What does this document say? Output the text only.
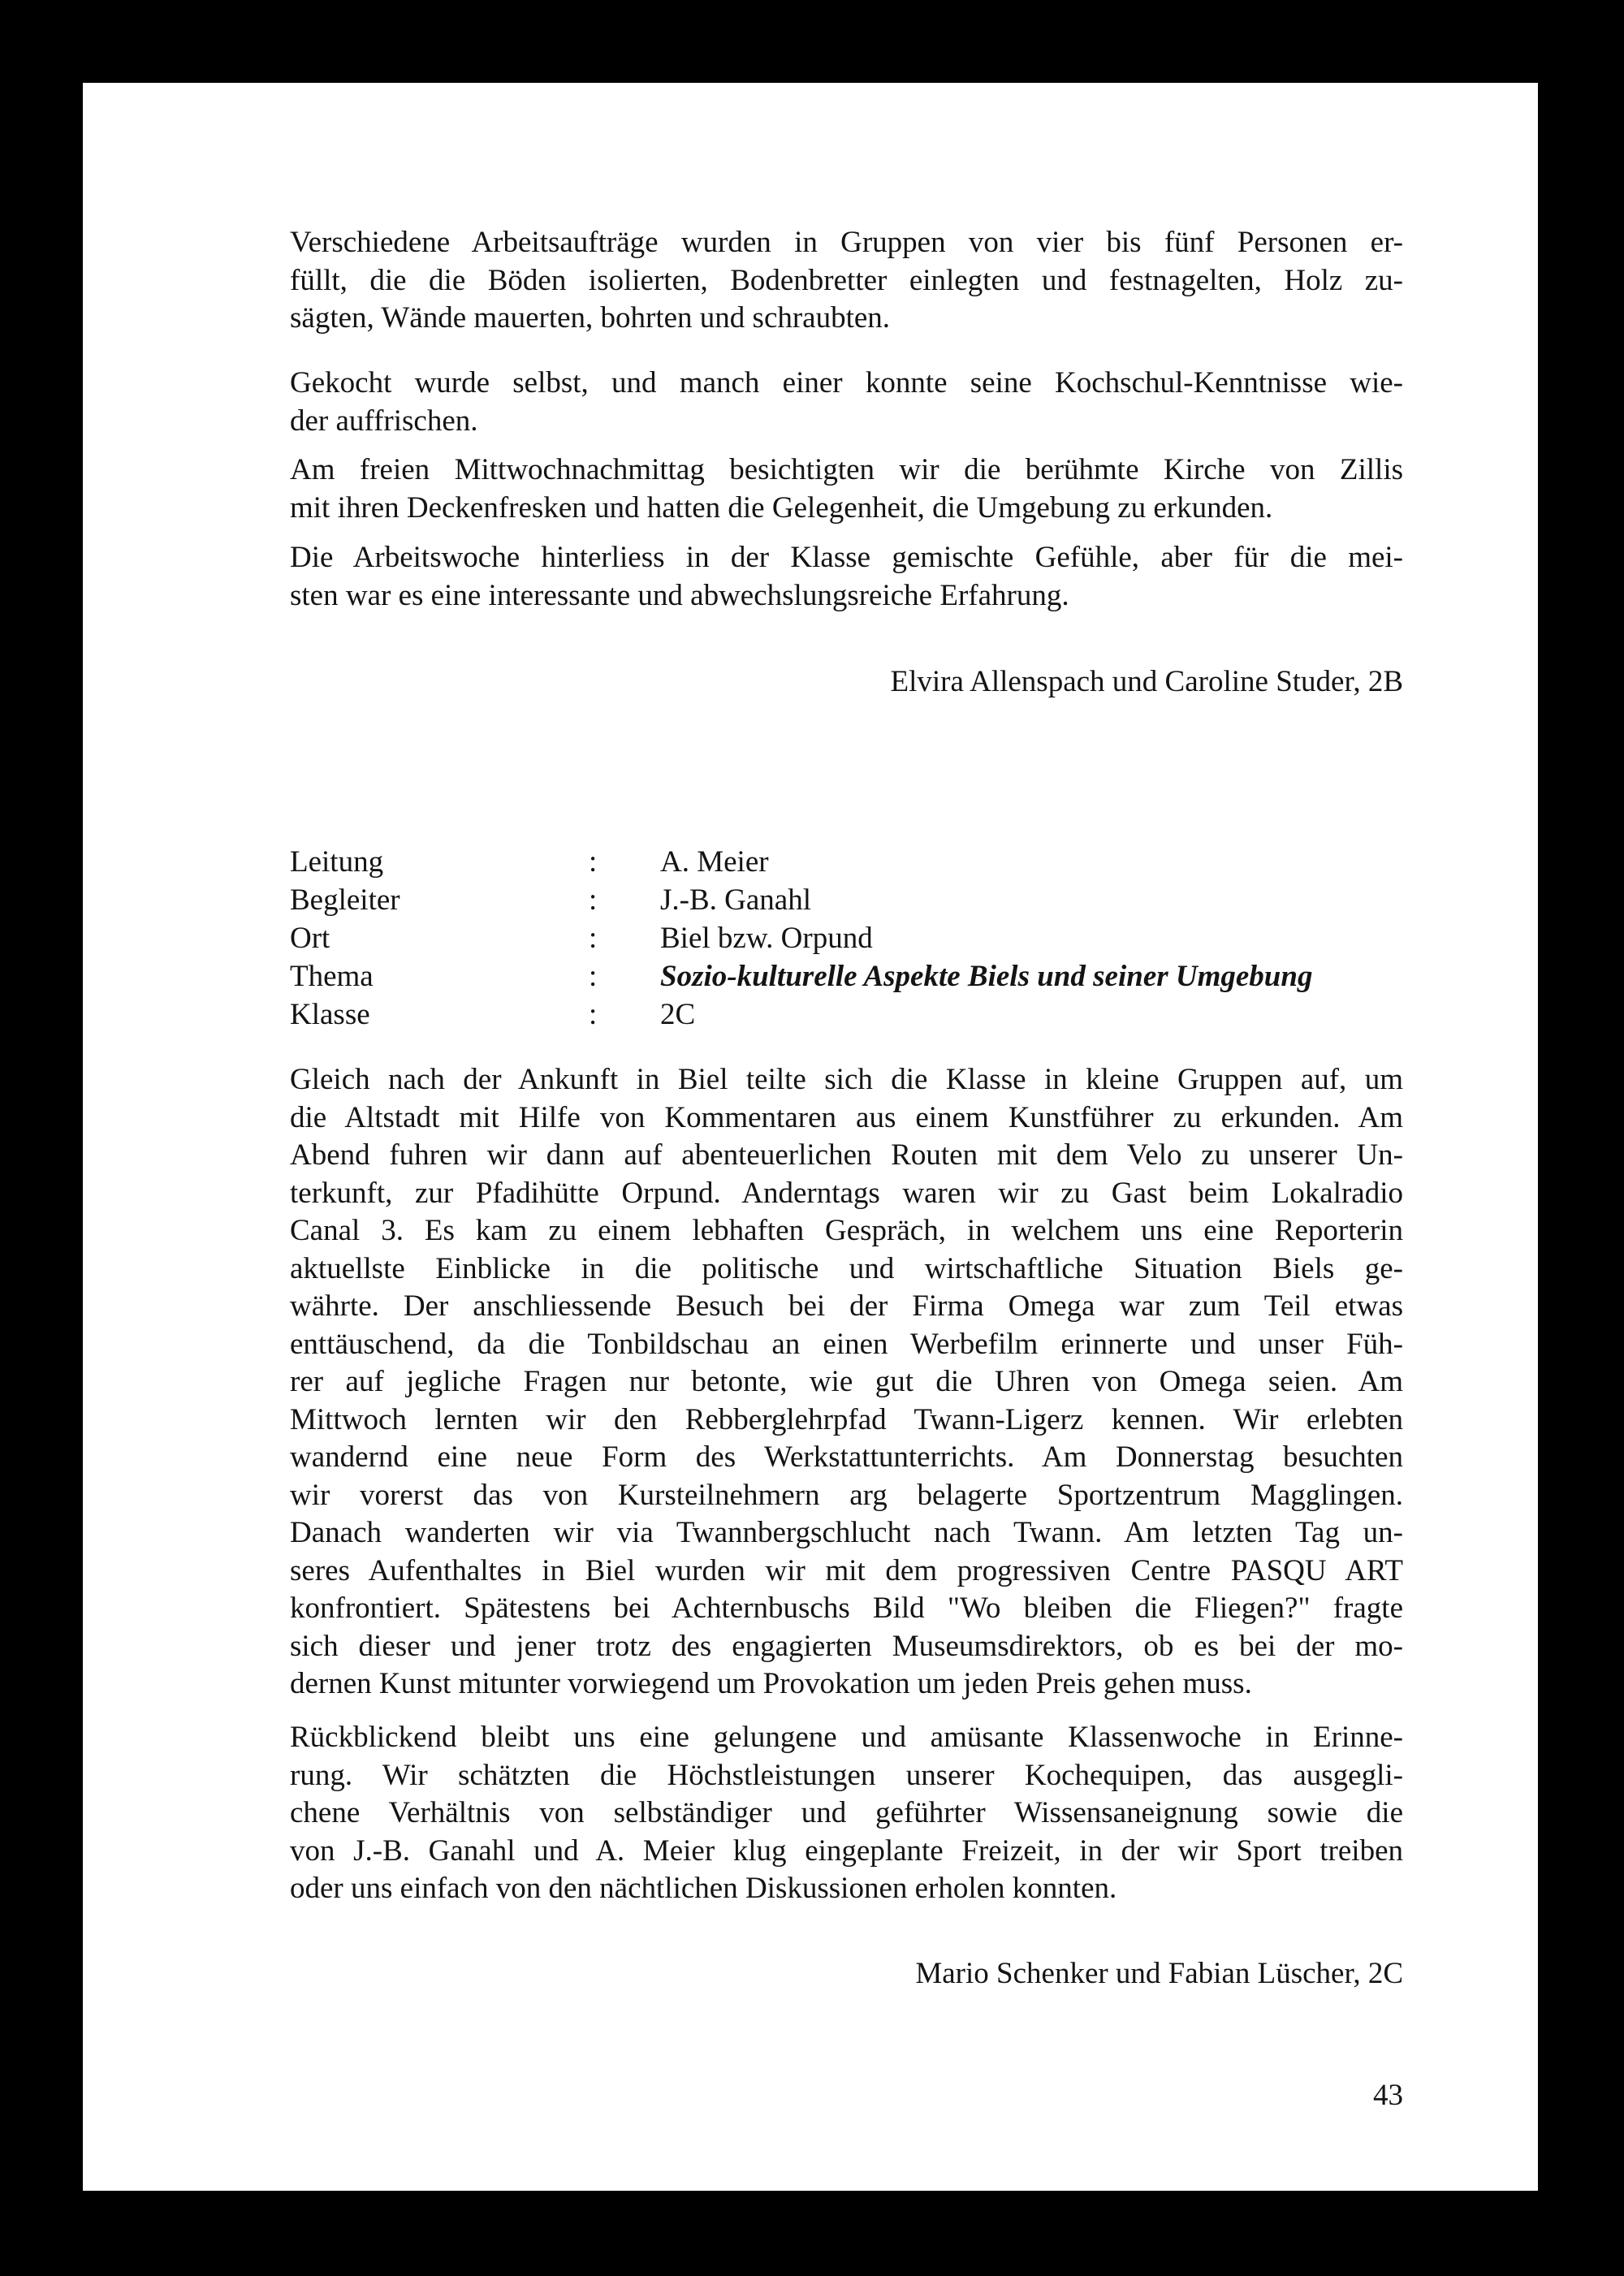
Verschiedene Arbeitsaufträge wurden in Gruppen von vier bis fünf Personen er-
füllt, die die Böden isolierten, Bodenbretter einlegten und festnagelten, Holz zu-
sägten, Wände mauerten, bohrten und schraubten.
Gekocht wurde selbst, und manch einer konnte seine Kochschul-Kenntnisse wie-
der auffrischen.
Am freien Mittwochnachmittag besichtigten wir die berühmte Kirche von Zillis
mit ihren Deckenfresken und hatten die Gelegenheit, die Umgebung zu erkunden.
Die Arbeitswoche hinterliess in der Klasse gemischte Gefühle, aber für die mei-
sten war es eine interessante und abwechslungsreiche Erfahrung.
Gleich nach der Ankunft in Biel teilte sich die Klasse in kleine Gruppen auf, um
die Altstadt mit Hilfe von Kommentaren aus einem Kunstführer zu erkunden. Am
Abend fuhren wir dann auf abenteuerlichen Routen mit dem Velo zu unserer Un-
terkunft, zur Pfadihütte Orpund. Anderntags waren wir zu Gast beim Lokalradio
Canal 3. Es kam zu einem lebhaften Gespräch, in welchem uns eine Reporterin
aktuellste Einblicke in die politische und wirtschaftliche Situation Biels ge-
währte. Der anschliessende Besuch bei der Firma Omega war zum Teil etwas
enttäuschend, da die Tonbildschau an einen Werbefilm erinnerte und unser Füh-
rer auf jegliche Fragen nur betonte, wie gut die Uhren von Omega seien. Am
Mittwoch lernten wir den Rebberglehrpfad Twann-Ligerz kennen. Wir erlebten
wandernd eine neue Form des Werkstattunterrichts. Am Donnerstag besuchten
wir vorerst das von Kursteilnehmern arg belagerte Sportzentrum Magglingen.
Danach wanderten wir via Twannbergschlucht nach Twann. Am letzten Tag un-
seres Aufenthaltes in Biel wurden wir mit dem progressiven Centre PASQU ART
konfrontiert. Spätestens bei Achternbuschs Bild "Wo bleiben die Fliegen?" fragte
sich dieser und jener trotz des engagierten Museumsdirektors, ob es bei der mo-
dernen Kunst mitunter vorwiegend um Provokation um jeden Preis gehen muss.
Rückblickend bleibt uns eine gelungene und amüsante Klassenwoche in Erinne-
rung. Wir schätzten die Höchstleistungen unserer Kochequipen, das ausgegli-
chene Verhältnis von selbständiger und geführter Wissensaneignung sowie die
von J.-B. Ganahl und A. Meier klug eingeplante Freizeit, in der wir Sport treiben
oder uns einfach von den nächtlichen Diskussionen erholen konnten.
Elvira Allenspach und Caroline Studer, 2B
Leitung	: A. Meier
Begleiter	: J.-B. Ganahl
Ort	: Biel bzw. Orpund
Thema	: Sozio-kulturelle Aspekte Biels und seiner Umgebung
Klasse	: 2C
Mario Schenker und Fabian Lüscher, 2C
43
